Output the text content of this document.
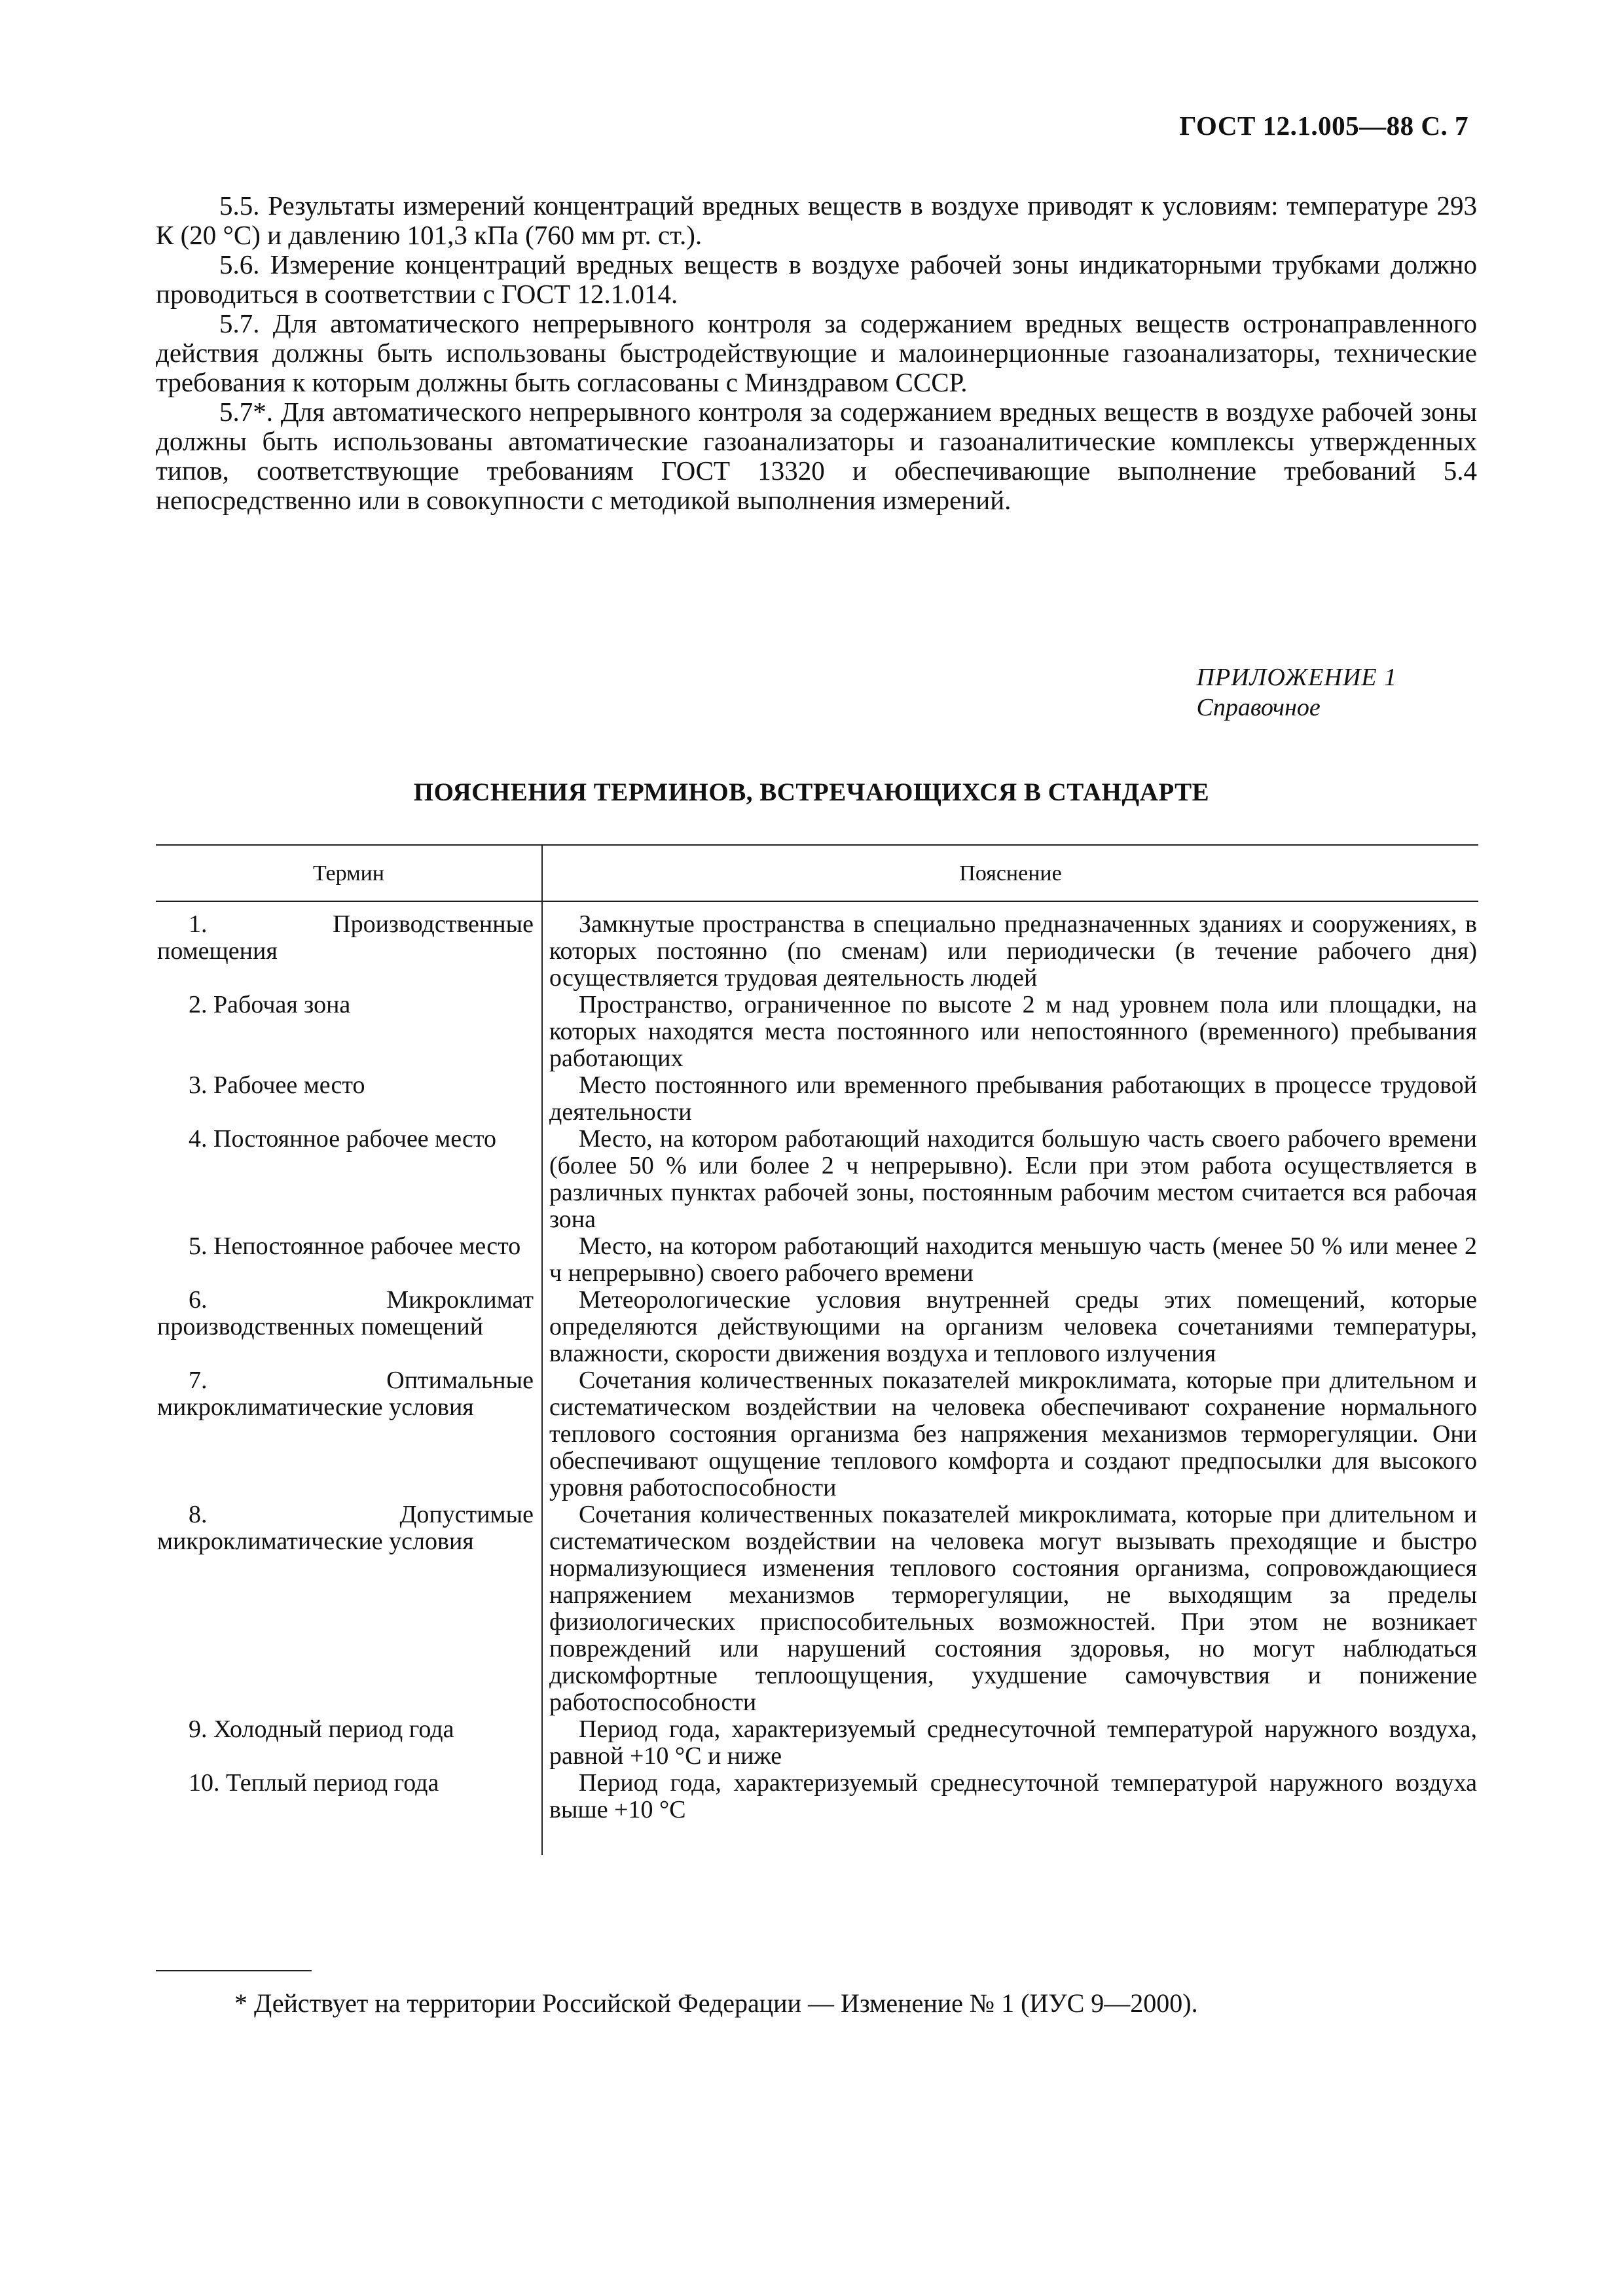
ГОСТ 12.1.005—88 С. 7

5.5. Результаты измерений концентраций вредных веществ в воздухе приводят к условиям: температуре 293 К (20 °С) и давлению 101,3 кПа (760 мм рт. ст.).

5.6. Измерение концентраций вредных веществ в воздухе рабочей зоны индикаторными трубками должно проводиться в соответствии с ГОСТ 12.1.014.

5.7. Для автоматического непрерывного контроля за содержанием вредных веществ остронаправленного действия должны быть использованы быстродействующие и малоинерционные газоанализаторы, технические требования к которым должны быть согласованы с Минздравом СССР.

5.7*. Для автоматического непрерывного контроля за содержанием вредных веществ в воздухе рабочей зоны должны быть использованы автоматические газоанализаторы и газоаналитические комплексы утвержденных типов, соответствующие требованиям ГОСТ 13320 и обеспечивающие выполнение требований 5.4 непосредственно или в совокупности с методикой выполнения измерений.

ПРИЛОЖЕНИЕ 1
Справочное
ПОЯСНЕНИЯ ТЕРМИНОВ, ВСТРЕЧАЮЩИХСЯ В СТАНДАРТЕ
Термин	Пояснение

1. Производственные помещения	Замкнутые пространства в специально предназначенных зданиях и сооружениях, в которых постоянно (по сменам) или периодически (в течение рабочего дня) осуществляется трудовая деятельность людей

2. Рабочая зона	Пространство, ограниченное по высоте 2 м над уровнем пола или площадки, на которых находятся места постоянного или непостоянного (временного) пребывания работающих

3. Рабочее место	Место постоянного или временного пребывания работающих в процессе трудовой деятельности

4. Постоянное рабочее место	Место, на котором работающий находится большую часть своего рабочего времени (более 50 % или более 2 ч непрерывно). Если при этом работа осуществляется в различных пунктах рабочей зоны, постоянным рабочим местом считается вся рабочая зона

5. Непостоянное рабочее место	Место, на котором работающий находится меньшую часть (менее 50 % или менее 2 ч непрерывно) своего рабочего времени

6. Микроклимат производственных помещений	Метеорологические условия внутренней среды этих помещений, которые определяются действующими на организм человека сочетаниями температуры, влажности, скорости движения воздуха и теплового излучения

7. Оптимальные микроклиматические условия	Сочетания количественных показателей микроклимата, которые при длительном и систематическом воздействии на человека обеспечивают сохранение нормального теплового состояния организма без напряжения механизмов терморегуляции. Они обеспечивают ощущение теплового комфорта и создают предпосылки для высокого уровня работоспособности

8. Допустимые микроклиматические условия	Сочетания количественных показателей микроклимата, которые при длительном и систематическом воздействии на человека могут вызывать преходящие и быстро нормализующиеся изменения теплового состояния организма, сопровождающиеся напряжением механизмов терморегуляции, не выходящим за пределы физиологических приспособительных возможностей. При этом не возникает повреждений или нарушений состояния здоровья, но могут наблюдаться дискомфортные теплоощущения, ухудшение самочувствия и понижение работоспособности

9. Холодный период года	Период года, характеризуемый среднесуточной температурой наружного воздуха, равной +10 °С и ниже

10. Теплый период года	Период года, характеризуемый среднесуточной температурой наружного воздуха выше +10 °С
* Действует на территории Российской Федерации — Изменение № 1 (ИУС 9—2000).
